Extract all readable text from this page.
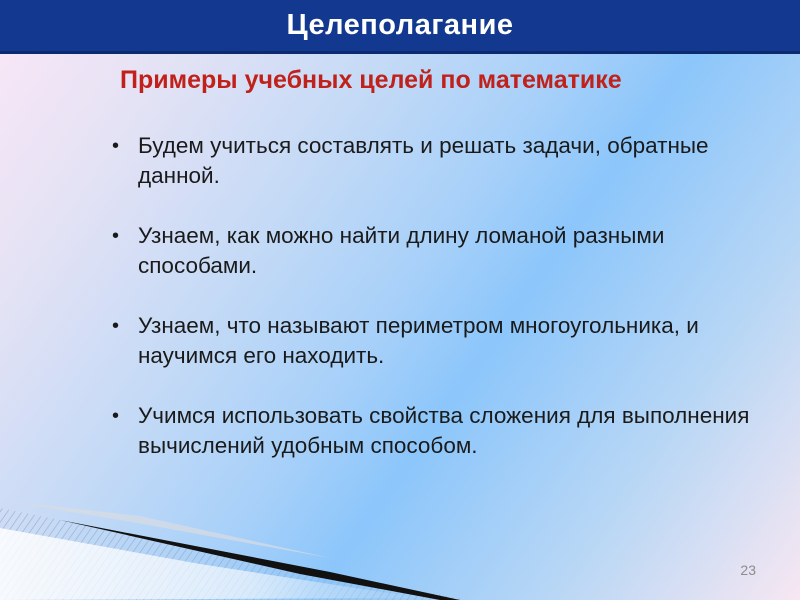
Целеполагание
Примеры учебных целей по математике
• Будем учиться составлять и решать задачи, обратные данной.
• Узнаем, как можно найти длину ломаной разными способами.
• Узнаем, что называют периметром многоугольника, и научимся его находить.
• Учимся использовать свойства сложения для выполнения вычислений удобным способом.
23
